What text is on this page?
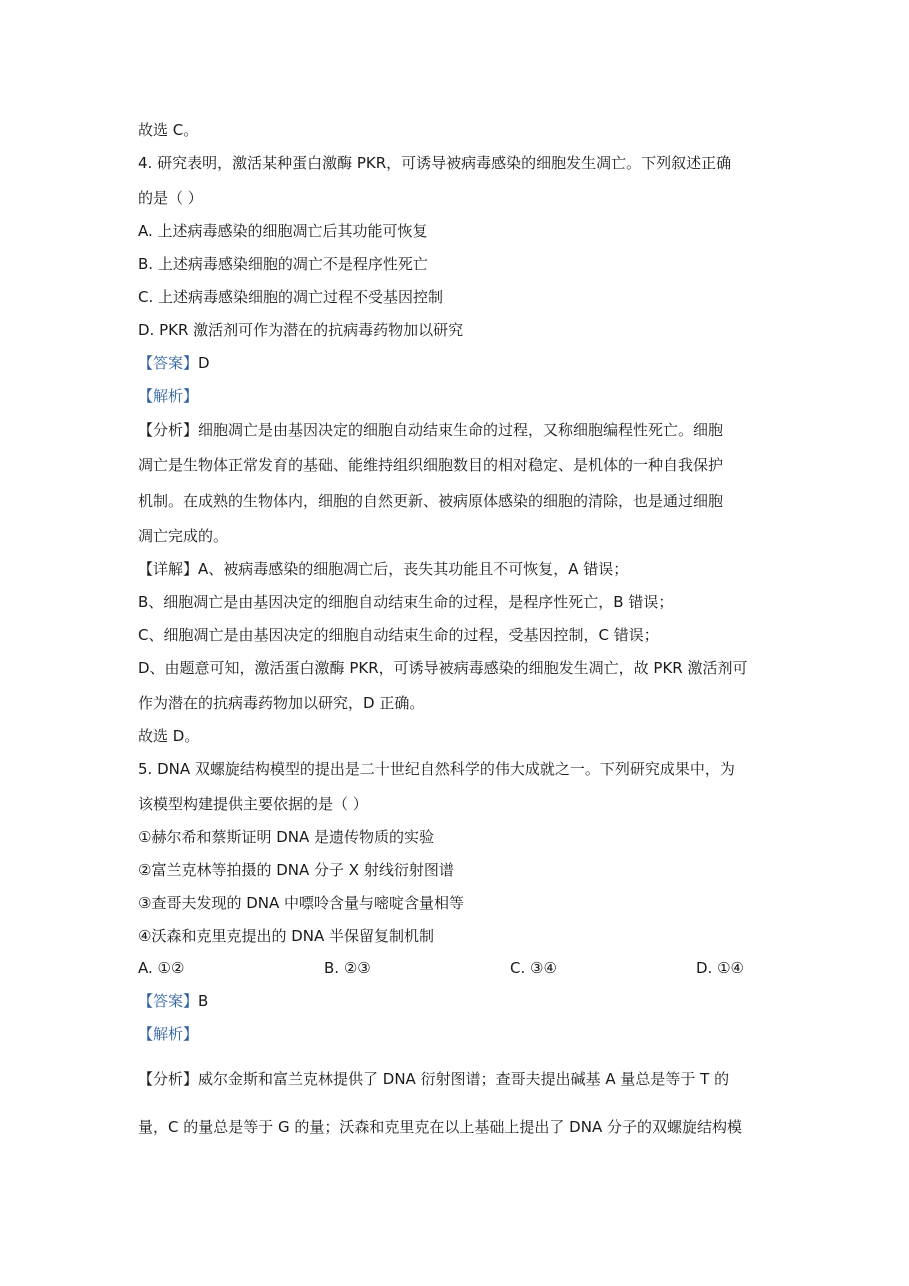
故选 C。
4. 研究表明，激活某种蛋白激酶 PKR，可诱导被病毒感染的细胞发生凋亡。下列叙述正确
的是（ ）
A. 上述病毒感染的细胞凋亡后其功能可恢复
B. 上述病毒感染细胞的凋亡不是程序性死亡
C. 上述病毒感染细胞的凋亡过程不受基因控制
D. PKR 激活剂可作为潜在的抗病毒药物加以研究
【答案】D
【解析】
【分析】细胞凋亡是由基因决定的细胞自动结束生命的过程，又称细胞编程性死亡。细胞
凋亡是生物体正常发育的基础、能维持组织细胞数目的相对稳定、是机体的一种自我保护
机制。在成熟的生物体内，细胞的自然更新、被病原体感染的细胞的清除，也是通过细胞
凋亡完成的。
【详解】A、被病毒感染的细胞凋亡后，丧失其功能且不可恢复，A 错误；
B、细胞凋亡是由基因决定的细胞自动结束生命的过程，是程序性死亡，B 错误；
C、细胞凋亡是由基因决定的细胞自动结束生命的过程，受基因控制，C 错误；
D、由题意可知，激活蛋白激酶 PKR，可诱导被病毒感染的细胞发生凋亡，故 PKR 激活剂可
作为潜在的抗病毒药物加以研究，D 正确。
故选 D。
5. DNA 双螺旋结构模型的提出是二十世纪自然科学的伟大成就之一。下列研究成果中，为
该模型构建提供主要依据的是（ ）
①赫尔希和蔡斯证明 DNA 是遗传物质的实验
②富兰克林等拍摄的 DNA 分子 X 射线衍射图谱
③查哥夫发现的 DNA 中嘌呤含量与嘧啶含量相等
④沃森和克里克提出的 DNA 半保留复制机制
A. ①②	B. ②③	C. ③④	D. ①④
【答案】B
【解析】
【分析】威尔金斯和富兰克林提供了 DNA 衍射图谱；查哥夫提出碱基 A 量总是等于 T 的
量，C 的量总是等于 G 的量；沃森和克里克在以上基础上提出了 DNA 分子的双螺旋结构模
